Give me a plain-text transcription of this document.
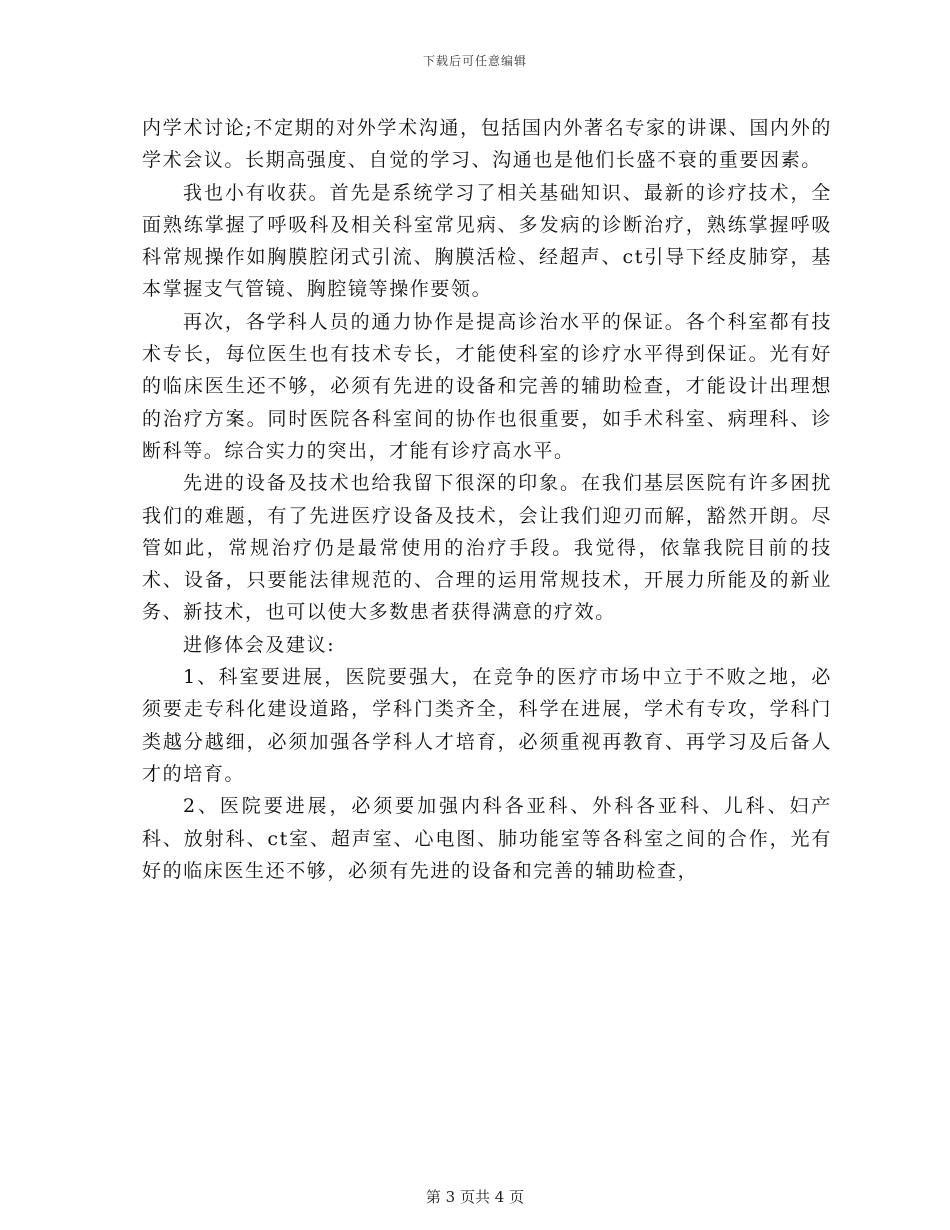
下载后可任意编辑

内学术讨论;不定期的对外学术沟通，包括国内外著名专家的讲课、国内外的学术会议。长期高强度、自觉的学习、沟通也是他们长盛不衰的重要因素。

我也小有收获。首先是系统学习了相关基础知识、最新的诊疗技术，全面熟练掌握了呼吸科及相关科室常见病、多发病的诊断治疗，熟练掌握呼吸科常规操作如胸膜腔闭式引流、胸膜活检、经超声、ct引导下经皮肺穿，基本掌握支气管镜、胸腔镜等操作要领。

再次，各学科人员的通力协作是提高诊治水平的保证。各个科室都有技术专长，每位医生也有技术专长，才能使科室的诊疗水平得到保证。光有好的临床医生还不够，必须有先进的设备和完善的辅助检查，才能设计出理想的治疗方案。同时医院各科室间的协作也很重要，如手术科室、病理科、诊断科等。综合实力的突出，才能有诊疗高水平。

先进的设备及技术也给我留下很深的印象。在我们基层医院有许多困扰我们的难题，有了先进医疗设备及技术，会让我们迎刃而解，豁然开朗。尽管如此，常规治疗仍是最常使用的治疗手段。我觉得，依靠我院目前的技术、设备，只要能法律规范的、合理的运用常规技术，开展力所能及的新业务、新技术，也可以使大多数患者获得满意的疗效。

进修体会及建议:

1、科室要进展，医院要强大，在竞争的医疗市场中立于不败之地，必须要走专科化建设道路，学科门类齐全，科学在进展，学术有专攻，学科门类越分越细，必须加强各学科人才培育，必须重视再教育、再学习及后备人才的培育。

2、医院要进展，必须要加强内科各亚科、外科各亚科、儿科、妇产科、放射科、ct室、超声室、心电图、肺功能室等各科室之间的合作，光有好的临床医生还不够，必须有先进的设备和完善的辅助检查，

第 3 页共 4 页
